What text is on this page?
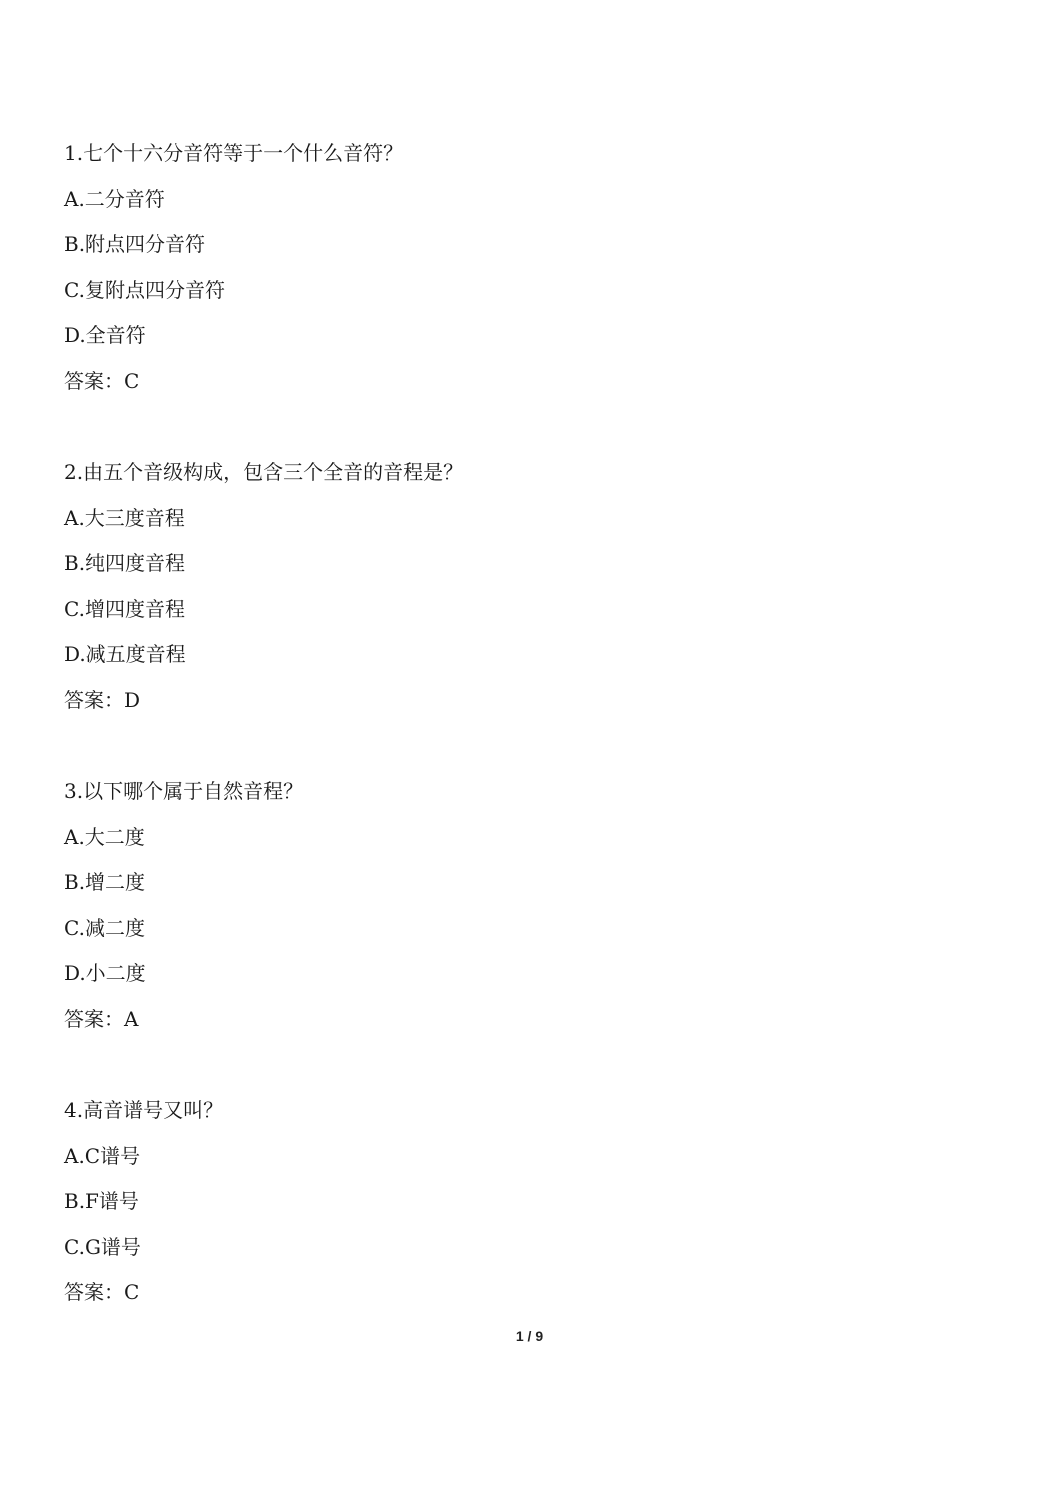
1.七个十六分音符等于一个什么音符？
A.二分音符
B.附点四分音符
C.复附点四分音符
D.全音符
答案：C
2.由五个音级构成，包含三个全音的音程是？
A.大三度音程
B.纯四度音程
C.增四度音程
D.减五度音程
答案：D
3.以下哪个属于自然音程？
A.大二度
B.增二度
C.减二度
D.小二度
答案：A
4.高音谱号又叫？
A.C谱号
B.F谱号
C.G谱号
答案：C
1 / 9
